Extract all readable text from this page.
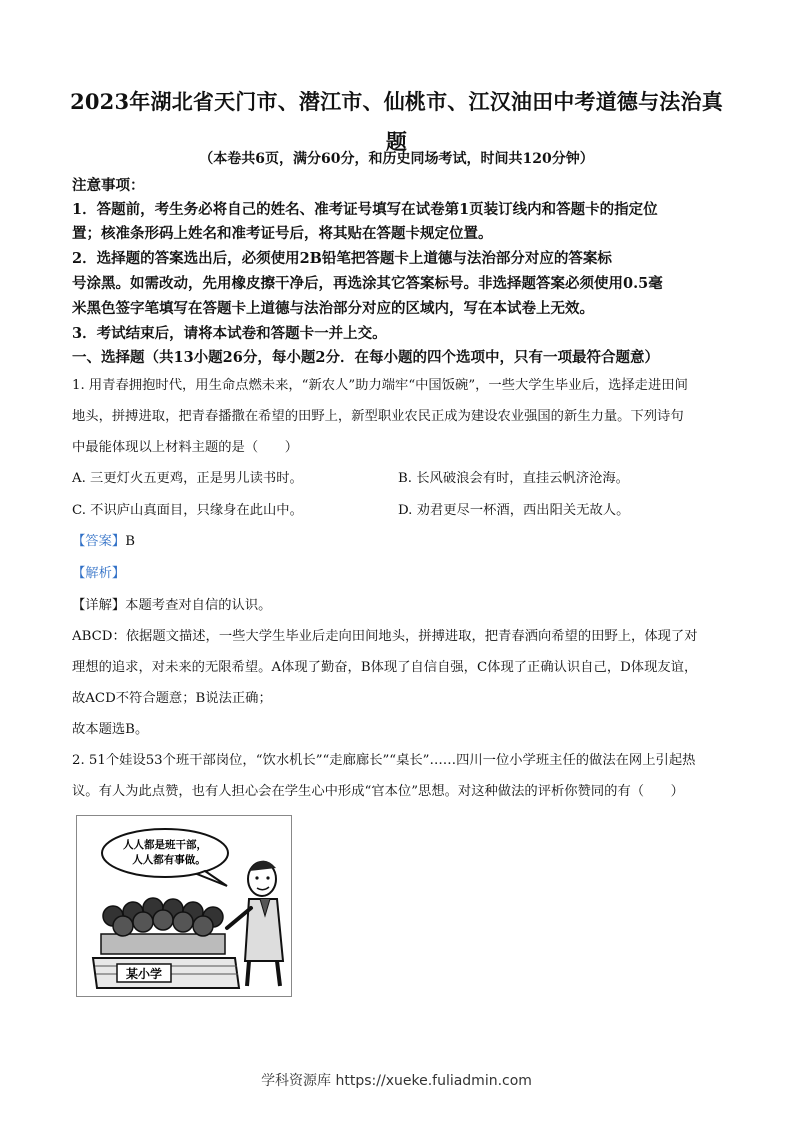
2023年湖北省天门市、潜江市、仙桃市、江汉油田中考道德与法治真题
（本卷共6页，满分60分，和历史同场考试，时间共120分钟）
注意事项：
1．答题前，考生务必将自己的姓名、准考证号填写在试卷第1页装订线内和答题卡的指定位
置；核准条形码上姓名和准考证号后，将其贴在答题卡规定位置。
2．选择题的答案选出后，必须使用2B铅笔把答题卡上道德与法治部分对应的答案标
号涂黑。如需改动，先用橡皮擦干净后，再选涂其它答案标号。非选择题答案必须使用0.5毫
米黑色签字笔填写在答题卡上道德与法治部分对应的区域内，写在本试卷上无效。
3．考试结束后，请将本试卷和答题卡一并上交。
一、选择题（共13小题26分，每小题2分．在每小题的四个选项中，只有一项最符合题意）
1. 用青春拥抱时代，用生命点燃未来，“新农人”助力端牢“中国饭碗”，一些大学生毕业后，选择走进田间
地头，拼搏进取，把青春播撒在希望的田野上，新型职业农民正成为建设农业强国的新生力量。下列诗句
中最能体现以上材料主题的是（　　）
A. 三更灯火五更鸡，正是男儿读书时。	B. 长风破浪会有时，直挂云帆济沧海。
C. 不识庐山真面目，只缘身在此山中。	D. 劝君更尽一杯酒，西出阳关无故人。
【答案】B
【解析】
【详解】本题考查对自信的认识。
ABCD：依据题文描述，一些大学生毕业后走向田间地头，拼搏进取，把青春洒向希望的田野上，体现了对
理想的追求，对未来的无限希望。A体现了勤奋，B体现了自信自强，C体现了正确认识自己，D体现友谊，
故ACD不符合题意；B说法正确；
故本题选B。
2. 51个娃设53个班干部岗位，“饮水机长”“走廊廊长”“桌长”……四川一位小学班主任的做法在网上引起热
议。有人为此点赞，也有人担心会在学生心中形成“官本位”思想。对这种做法的评析你赞同的有（　　）
人人都是班干部，
人人都有事做。
某小学
学科资源库 https://xueke.fuliadmin.com
